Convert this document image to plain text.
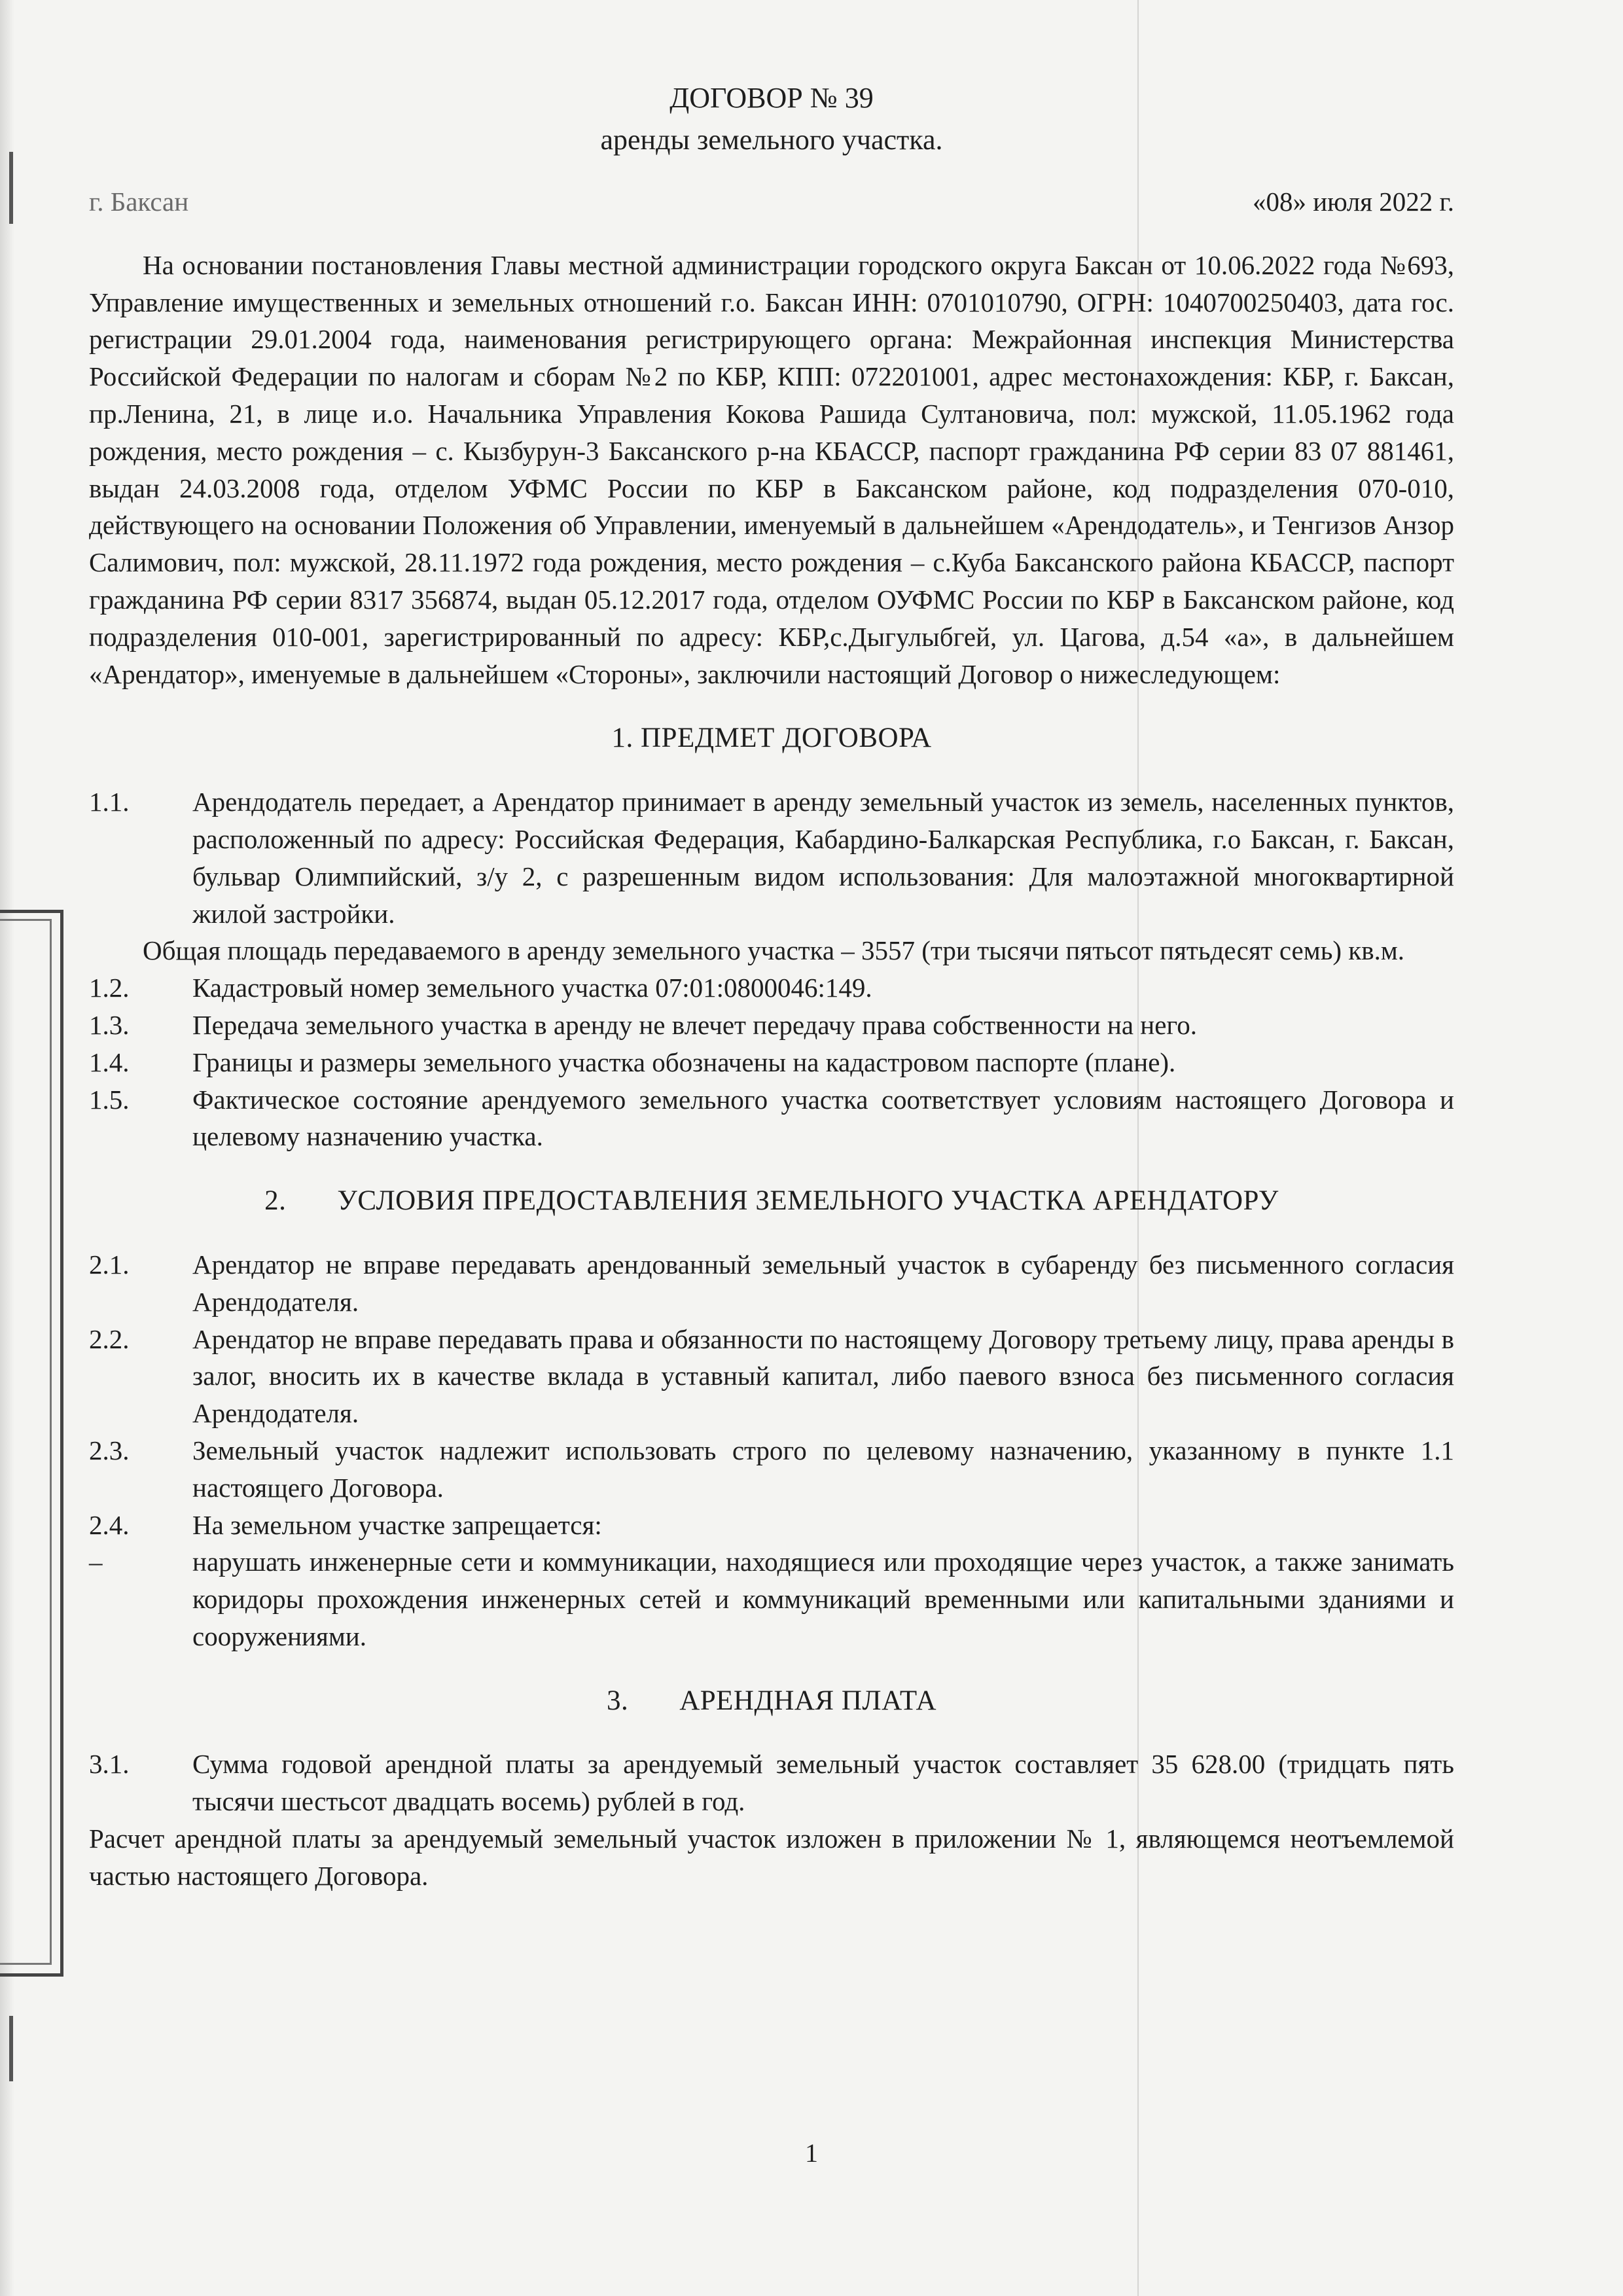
ДОГОВОР № 39
аренды земельного участка.
г. Баксан	«08» июля 2022 г.

На основании постановления Главы местной администрации городского округа Баксан от 10.06.2022 года №693, Управление имущественных и земельных отношений г.о. Баксан ИНН: 0701010790, ОГРН: 1040700250403, дата гос. регистрации 29.01.2004 года, наименования регистрирующего органа: Межрайонная инспекция Министерства Российской Федерации по налогам и сборам №2 по КБР, КПП: 072201001, адрес местонахождения: КБР, г. Баксан, пр.Ленина, 21, в лице и.о. Начальника Управления Кокова Рашида Султановича, пол: мужской, 11.05.1962 года рождения, место рождения – с. Кызбурун-3 Баксанского р-на КБАССР, паспорт гражданина РФ серии 83 07 881461, выдан 24.03.2008 года, отделом УФМС России по КБР в Баксанском районе, код подразделения 070-010, действующего на основании Положения об Управлении, именуемый в дальнейшем «Арендодатель», и Тенгизов Анзор Салимович, пол: мужской, 28.11.1972 года рождения, место рождения – с.Куба Баксанского района КБАССР, паспорт гражданина РФ серии 8317 356874, выдан 05.12.2017 года, отделом ОУФМС России по КБР в Баксанском районе, код подразделения 010-001, зарегистрированный по адресу: КБР,с.Дыгулыбгей, ул. Цагова, д.54 «а», в дальнейшем «Арендатор», именуемые в дальнейшем «Стороны», заключили настоящий Договор о нижеследующем:

1. ПРЕДМЕТ ДОГОВОРА
1.1.	Арендодатель передает, а Арендатор принимает в аренду земельный участок из земель, населенных пунктов, расположенный по адресу: Российская Федерация, Кабардино-Балкарская Республика, г.о Баксан, г. Баксан, бульвар Олимпийский, з/у 2, с разрешенным видом использования: Для малоэтажной многоквартирной жилой застройки.

Общая площадь передаваемого в аренду земельного участка – 3557 (три тысячи пятьсот пятьдесят семь) кв.м.

1.2.	Кадастровый номер земельного участка 07:01:0800046:149.
1.3.	Передача земельного участка в аренду не влечет передачу права собственности на него.
1.4.	Границы и размеры земельного участка обозначены на кадастровом паспорте (плане).
1.5.	Фактическое состояние арендуемого земельного участка соответствует условиям настоящего Договора и целевому назначению участка.
2. УСЛОВИЯ ПРЕДОСТАВЛЕНИЯ ЗЕМЕЛЬНОГО УЧАСТКА АРЕНДАТОРУ
2.1.	Арендатор не вправе передавать арендованный земельный участок в субаренду без письменного согласия Арендодателя.
2.2.	Арендатор не вправе передавать права и обязанности по настоящему Договору третьему лицу, права аренды в залог, вносить их в качестве вклада в уставный капитал, либо паевого взноса без письменного согласия Арендодателя.
2.3.	Земельный участок надлежит использовать строго по целевому назначению, указанному в пункте 1.1 настоящего Договора.
2.4.	На земельном участке запрещается:
–	нарушать инженерные сети и коммуникации, находящиеся или проходящие через участок, а также занимать коридоры прохождения инженерных сетей и коммуникаций временными или капитальными зданиями и сооружениями.
3. АРЕНДНАЯ ПЛАТА
3.1.	Сумма годовой арендной платы за арендуемый земельный участок составляет 35 628.00 (тридцать пять тысячи шестьсот двадцать восемь) рублей в год.

Расчет арендной платы за арендуемый земельный участок изложен в приложении № 1, являющемся неотъемлемой частью настоящего Договора.

1
